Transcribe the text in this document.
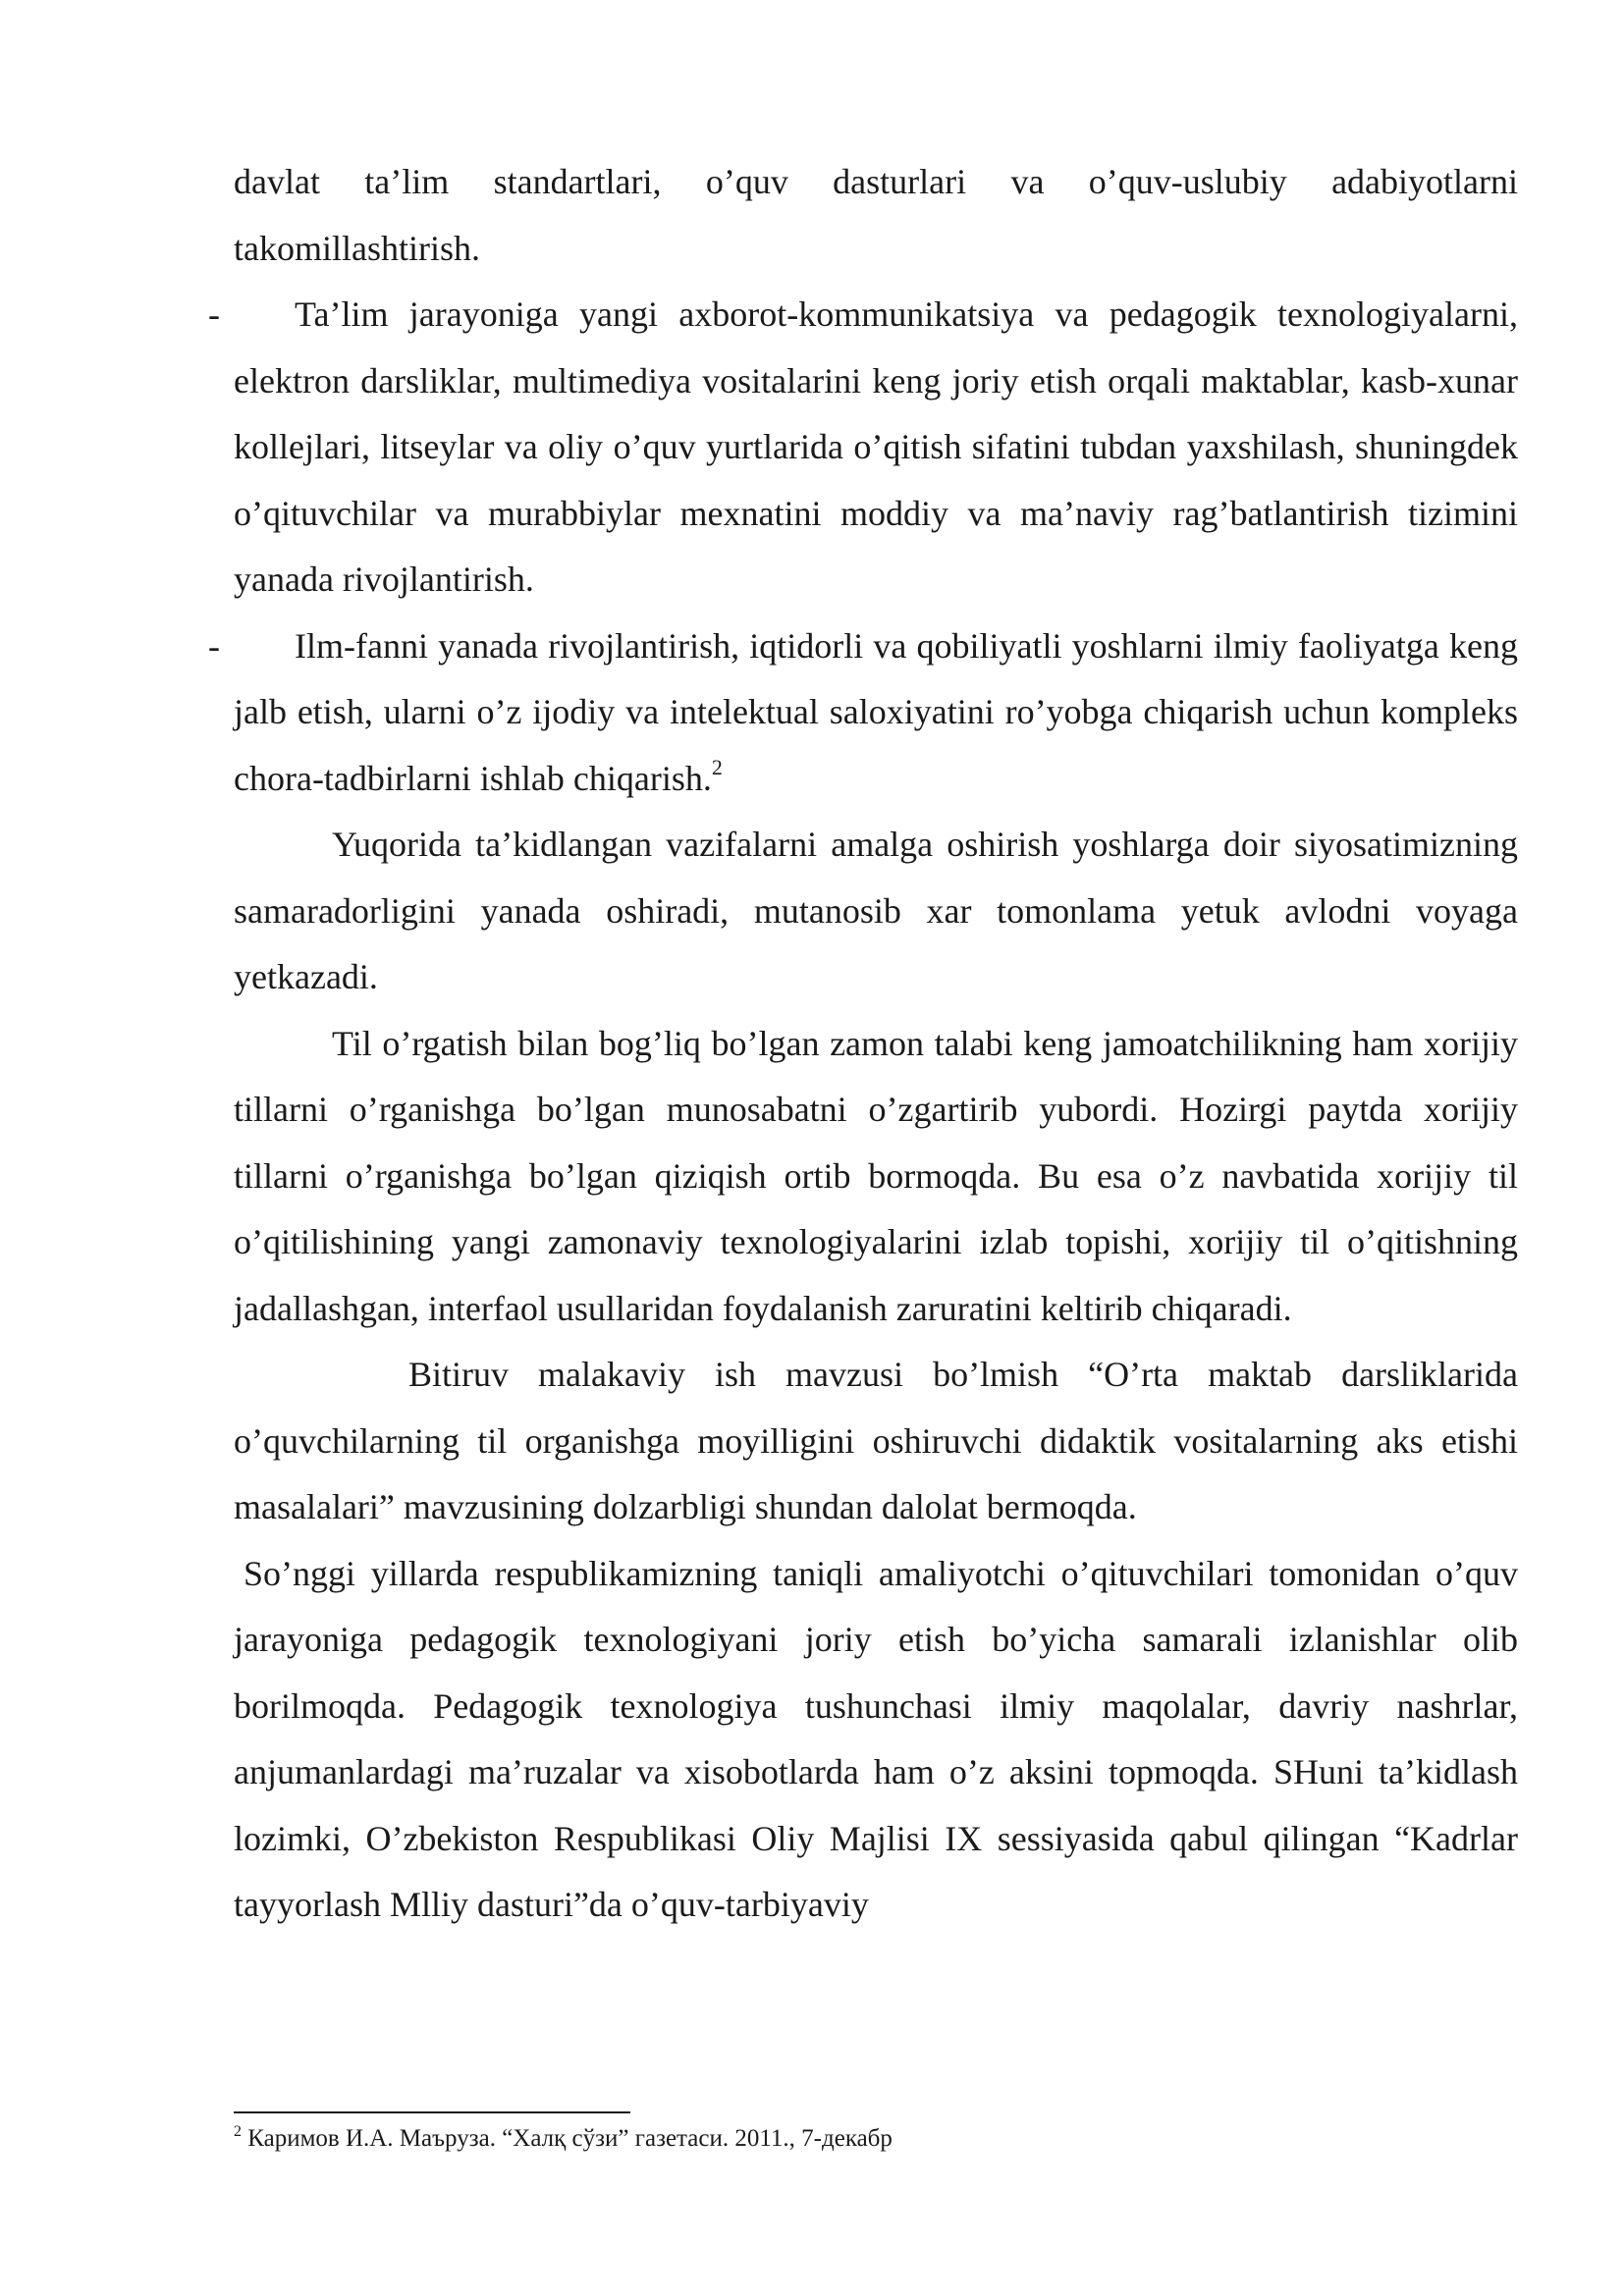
davlat ta’lim standartlari, o’quv dasturlari va o’quv-uslubiy adabiyotlarni takomillashtirish.

- Ta’lim jarayoniga yangi axborot-kommunikatsiya va pedagogik texnologiyalarni, elektron darsliklar, multimediya vositalarini keng joriy etish orqali maktablar, kasb-xunar kollejlari, litseylar va oliy o’quv yurtlarida o’qitish sifatini tubdan yaxshilash, shuningdek o’qituvchilar va murabbiylar mexnatini moddiy va ma’naviy rag’batlantirish tizimini yanada rivojlantirish.

- Ilm-fanni yanada rivojlantirish, iqtidorli va qobiliyatli yoshlarni ilmiy faoliyatga keng jalb etish, ularni o’z ijodiy va intelektual saloxiyatini ro’yobga chiqarish uchun kompleks chora-tadbirlarni ishlab chiqarish.$^2$

Yuqorida ta’kidlangan vazifalarni amalga oshirish yoshlarga doir siyosatimizning samaradorligini yanada oshiradi, mutanosib xar tomonlama yetuk avlodni voyaga yetkazadi.

Til o’rgatish bilan bog’liq bo’lgan zamon talabi keng jamoatchilikning ham xorijiy tillarni o’rganishga bo’lgan munosabatni o’zgartirib yubordi. Hozirgi paytda xorijiy tillarni o’rganishga bo’lgan qiziqish ortib bormoqda. Bu esa o’z navbatida xorijiy til o’qitilishining yangi zamonaviy texnologiyalarini izlab topishi, xorijiy til o’qitishning jadallashgan, interfaol usullaridan foydalanish zaruratini keltirib chiqaradi.

Bitiruv malakaviy ish mavzusi bo’lmish “O’rta maktab darsliklarida o’quvchilarning til organishga moyilligini oshiruvchi didaktik vositalarning aks etishi masalalari” mavzusining dolzarbligi shundan dalolat bermoqda.

So’nggi yillarda respublikamizning taniqli amaliyotchi o’qituvchilari tomonidan o’quv jarayoniga pedagogik texnologiyani joriy etish bo’yicha samarali izlanishlar olib borilmoqda. Pedagogik texnologiya tushunchasi ilmiy maqolalar, davriy nashrlar, anjumanlardagi ma’ruzalar va xisobotlarda ham o’z aksini topmoqda. SHuni ta’kidlash lozimki, O’zbekiston Respublikasi Oliy Majlisi IX sessiyasida qabul qilingan “Kadrlar tayyorlash Mlliy dasturi”da o’quv-tarbiyaviy

$^2$ Каримов И.А. Маърузa. “Халқ сўзи” газетаси. 2011., 7-декабр
